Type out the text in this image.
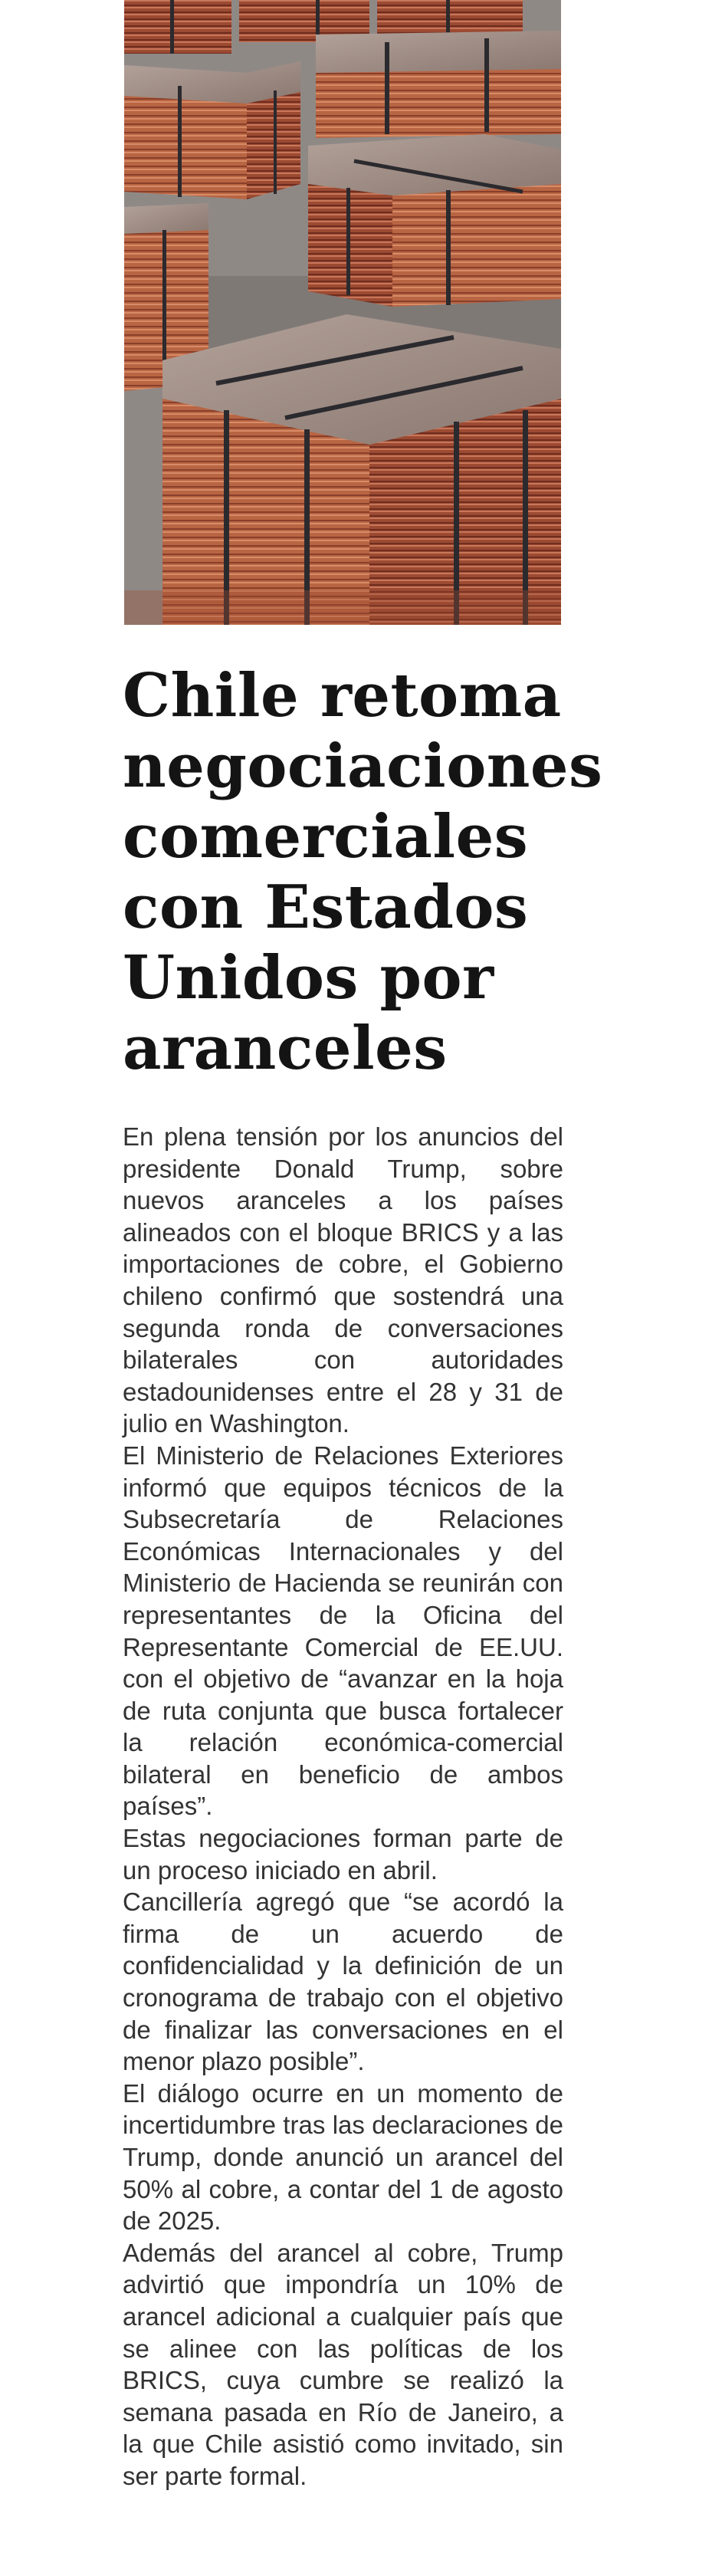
Chile retoma
negociaciones
comerciales
con Estados
Unidos por
aranceles

En plena tensión por los anuncios del presidente Donald Trump, sobre nuevos aranceles a los países alineados con el bloque BRICS y a las importaciones de cobre, el Gobierno chileno confirmó que sostendrá una segunda ronda de conversaciones bilaterales con autoridades estadounidenses entre el 28 y 31 de julio en Washington.

El Ministerio de Relaciones Exteriores informó que equipos técnicos de la Subsecretaría de Relaciones Económicas Internacionales y del Ministerio de Hacienda se reunirán con representantes de la Oficina del Representante Comercial de EE.UU. con el objetivo de “avanzar en la hoja de ruta conjunta que busca fortalecer la relación económica-comercial bilateral en beneficio de ambos países”.

Estas negociaciones forman parte de un proceso iniciado en abril.

Cancillería agregó que “se acordó la firma de un acuerdo de confidencialidad y la definición de un cronograma de trabajo con el objetivo de finalizar las conversaciones en el menor plazo posible”.

El diálogo ocurre en un momento de incertidumbre tras las declaraciones de Trump, donde anunció un arancel del 50% al cobre, a contar del 1 de agosto de 2025.

Además del arancel al cobre, Trump advirtió que impondría un 10% de arancel adicional a cualquier país que se alinee con las políticas de los BRICS, cuya cumbre se realizó la semana pasada en Río de Janeiro, a la que Chile asistió como invitado, sin ser parte formal.
